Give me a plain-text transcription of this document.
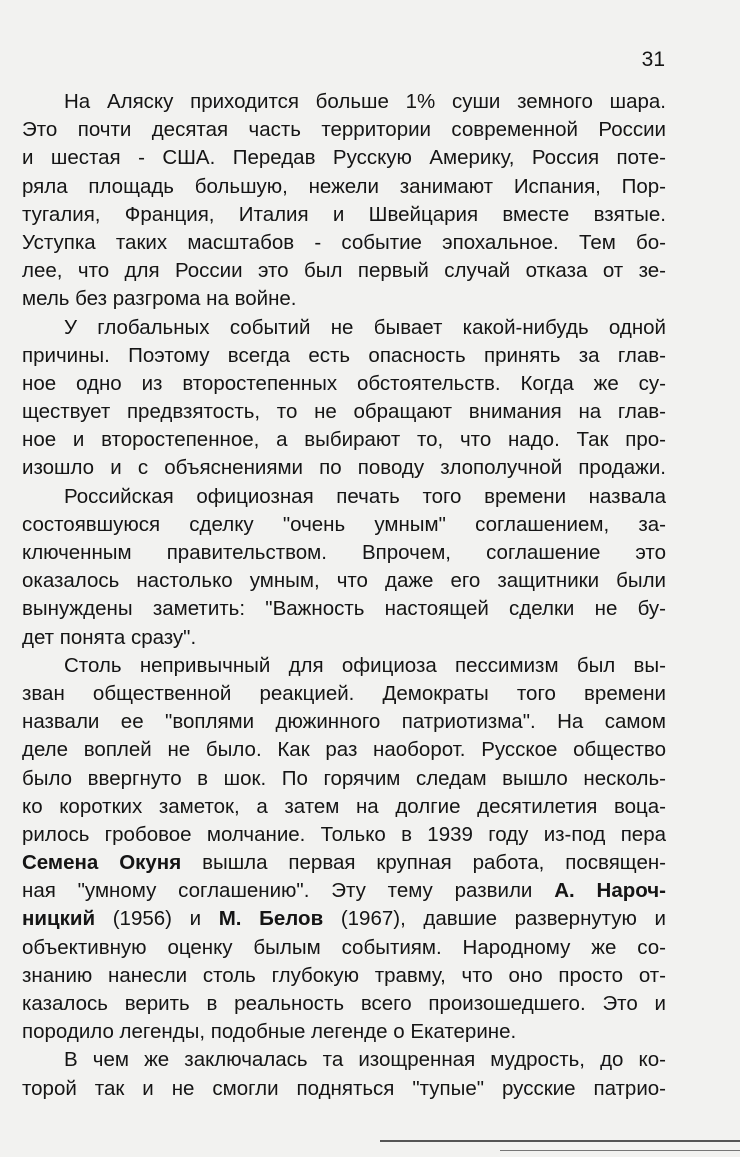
31
На Аляску приходится больше 1% суши земного шара.
Это почти десятая часть территории современной России
и шестая - США. Передав Русскую Америку, Россия поте-
ряла площадь большую, нежели занимают Испания, Пор-
тугалия, Франция, Италия и Швейцария вместе взятые.
Уступка таких масштабов - событие эпохальное. Тем бо-
лее, что для России это был первый случай отказа от зе-
мель без разгрома на войне.
У глобальных событий не бывает какой-нибудь одной
причины. Поэтому всегда есть опасность принять за глав-
ное одно из второстепенных обстоятельств. Когда же су-
ществует предвзятость, то не обращают внимания на глав-
ное и второстепенное, а выбирают то, что надо. Так про-
изошло и с объяснениями по поводу злополучной продажи.
Российская официозная печать того времени назвала
состоявшуюся сделку "очень умным" соглашением, за-
ключенным правительством. Впрочем, соглашение это
оказалось настолько умным, что даже его защитники были
вынуждены заметить: "Важность настоящей сделки не бу-
дет понята сразу".
Столь непривычный для официоза пессимизм был вы-
зван общественной реакцией. Демократы того времени
назвали ее "воплями дюжинного патриотизма". На самом
деле воплей не было. Как раз наоборот. Русское общество
было ввергнуто в шок. По горячим следам вышло несколь-
ко коротких заметок, а затем на долгие десятилетия воца-
рилось гробовое молчание. Только в 1939 году из-под пера
Семена Окуня вышла первая крупная работа, посвящен-
ная "умному соглашению". Эту тему развили А. Нароч-
ницкий (1956) и М. Белов (1967), давшие развернутую и
объективную оценку былым событиям. Народному же со-
знанию нанесли столь глубокую травму, что оно просто от-
казалось верить в реальность всего произошедшего. Это и
породило легенды, подобные легенде о Екатерине.
В чем же заключалась та изощренная мудрость, до ко-
торой так и не смогли подняться "тупые" русские патрио-
